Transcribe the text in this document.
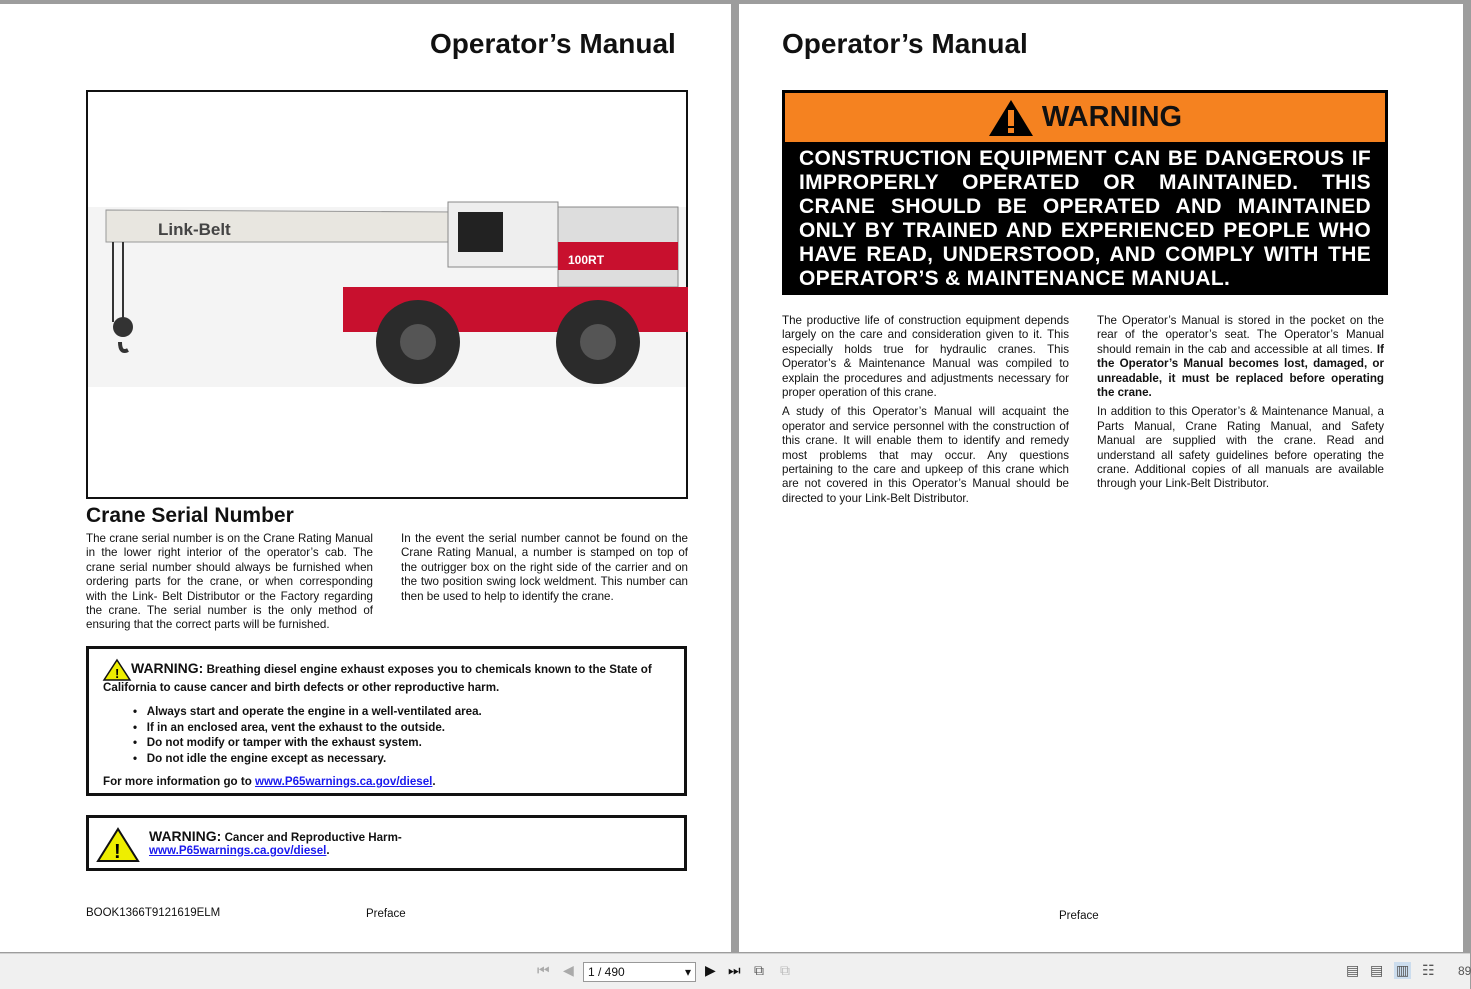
Operator’s Manual
Link-Belt
100RT
Crane Serial Number
The crane serial number is on the Crane Rating Manual in the lower right interior of the operator’s cab. The crane serial number should always be furnished when ordering parts for the crane, or when corresponding with the Link- Belt Distributor or the Factory regarding the crane. The serial number is the only method of ensuring that the correct parts will be furnished.
In the event the serial number cannot be found on the Crane Rating Manual, a number is stamped on top of the outrigger box on the right side of the carrier and on the two position swing lock weldment. This number can then be used to help to identify the crane.
! WARNING: Breathing diesel engine exhaust exposes you to chemicals known to the State of California to cause cancer and birth defects or other reproductive harm.
•   Always start and operate the engine in a well-ventilated area.
•   If in an enclosed area, vent the exhaust to the outside.
•   Do not modify or tamper with the exhaust system.
•   Do not idle the engine except as necessary.
For more information go to www.P65warnings.ca.gov/diesel.
!
WARNING: Cancer and Reproductive Harm-
www.P65warnings.ca.gov/diesel.
BOOK1366T9121619ELM	Preface
Operator’s Manual
WARNING
CONSTRUCTION EQUIPMENT CAN BE DANGEROUS IF IMPROPERLY OPERATED OR MAINTAINED. THIS CRANE SHOULD BE OPERATED AND MAINTAINED ONLY BY TRAINED AND EXPERIENCED PEOPLE WHO HAVE READ, UNDERSTOOD, AND COMPLY WITH THE OPERATOR’S & MAINTENANCE MANUAL.

The productive life of construction equipment depends largely on the care and consideration given to it. This especially holds true for hydraulic cranes. This Operator’s & Maintenance Manual was compiled to explain the procedures and adjustments necessary for proper operation of this crane.

A study of this Operator’s Manual will acquaint the operator and service personnel with the construction of this crane. It will enable them to identify and remedy most problems that may occur. Any questions pertaining to the care and upkeep of this crane which are not covered in this Operator’s Manual should be directed to your Link-Belt Distributor.

The Operator’s Manual is stored in the pocket on the rear of the operator’s seat. The Operator’s Manual should remain in the cab and accessible at all times. If the Operator’s Manual becomes lost, damaged, or unreadable, it must be replaced before operating the crane.

In addition to this Operator’s & Maintenance Manual, a Parts Manual, Crane Rating Manual, and Safety Manual are supplied with the crane. Read and understand all safety guidelines before operating the crane. Additional copies of all manuals are available through your Link-Belt Distributor.

Preface
⏮ ◀ 1 / 490	▾ ▶ ⏭ ⧉ ⧉	▤ ▤ ▥ ☷ 89
